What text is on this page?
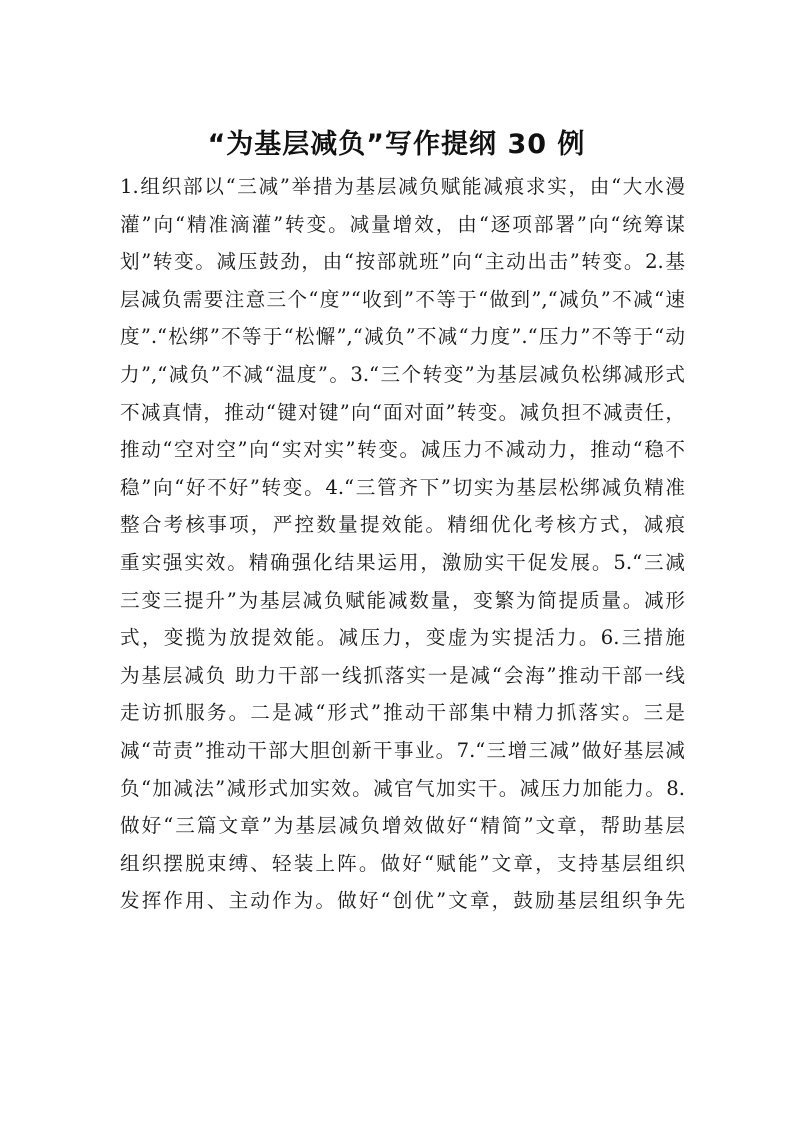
“为基层减负”写作提纲 30 例
1.组织部以“三减”举措为基层减负赋能减痕求实，由“大水漫
灌”向“精准滴灌”转变。减量增效，由“逐项部署”向“统筹谋
划”转变。减压鼓劲，由“按部就班”向“主动出击”转变。2.基
层减负需要注意三个“度”“收到”不等于“做到”,“减负”不减“速
度”.“松绑”不等于“松懈”,“减负”不减“力度”.“压力”不等于“动
力”,“减负”不减“温度”。3.“三个转变”为基层减负松绑减形式
不减真情，推动“键对键”向“面对面”转变。减负担不减责任，
推动“空对空”向“实对实”转变。减压力不减动力，推动“稳不
稳”向“好不好”转变。4.“三管齐下”切实为基层松绑减负精准
整合考核事项，严控数量提效能。精细优化考核方式，减痕
重实强实效。精确强化结果运用，激励实干促发展。5.“三减
三变三提升”为基层减负赋能减数量，变繁为简提质量。减形
式，变揽为放提效能。减压力，变虚为实提活力。6.三措施
为基层减负 助力干部一线抓落实一是减“会海”推动干部一线
走访抓服务。二是减“形式”推动干部集中精力抓落实。三是
减“苛责”推动干部大胆创新干事业。7.“三增三减”做好基层减
负“加减法”减形式加实效。减官气加实干。减压力加能力。8.
做好“三篇文章”为基层减负增效做好“精简”文章，帮助基层
组织摆脱束缚、轻装上阵。做好“赋能”文章，支持基层组织
发挥作用、主动作为。做好“创优”文章，鼓励基层组织争先
